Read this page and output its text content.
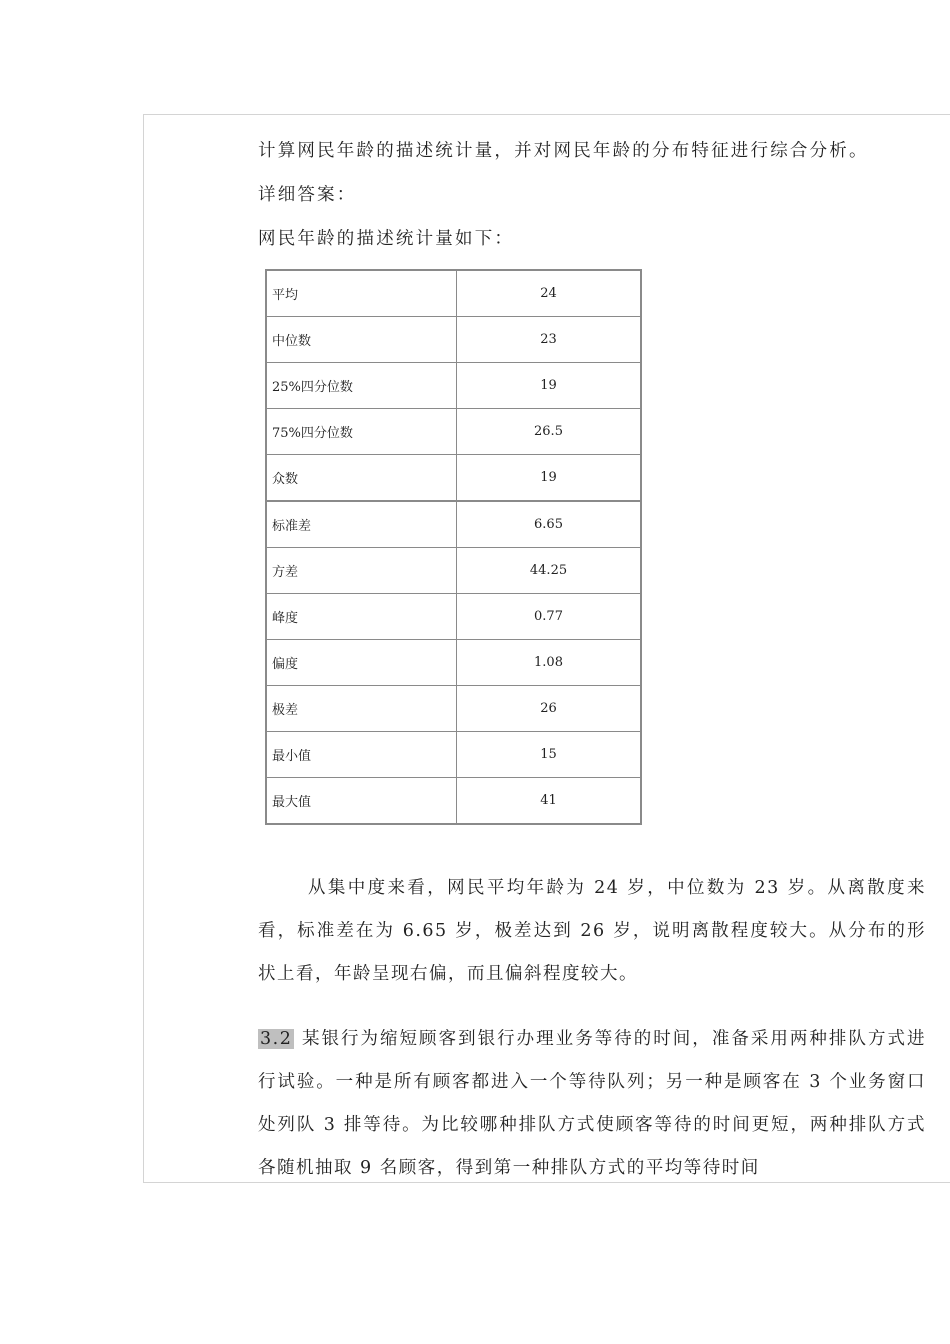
计算网民年龄的描述统计量，并对网民年龄的分布特征进行综合分析。
详细答案：
网民年龄的描述统计量如下：
平均	24
中位数	23
25%四分位数	19
75%四分位数	26.5
众数	19
标准差	6.65
方差	44.25
峰度	0.77
偏度	1.08
极差	26
最小值	15
最大值	41
从集中度来看，网民平均年龄为 24 岁，中位数为 23 岁。从离散度来看，标准差在为 6.65 岁，极差达到 26 岁，说明离散程度较大。从分布的形状上看，年龄呈现右偏，而且偏斜程度较大。
3.2 某银行为缩短顾客到银行办理业务等待的时间，准备采用两种排队方式进行试验。一种是所有顾客都进入一个等待队列；另一种是顾客在 3 个业务窗口处列队 3 排等待。为比较哪种排队方式使顾客等待的时间更短，两种排队方式各随机抽取 9 名顾客，得到第一种排队方式的平均等待时间
